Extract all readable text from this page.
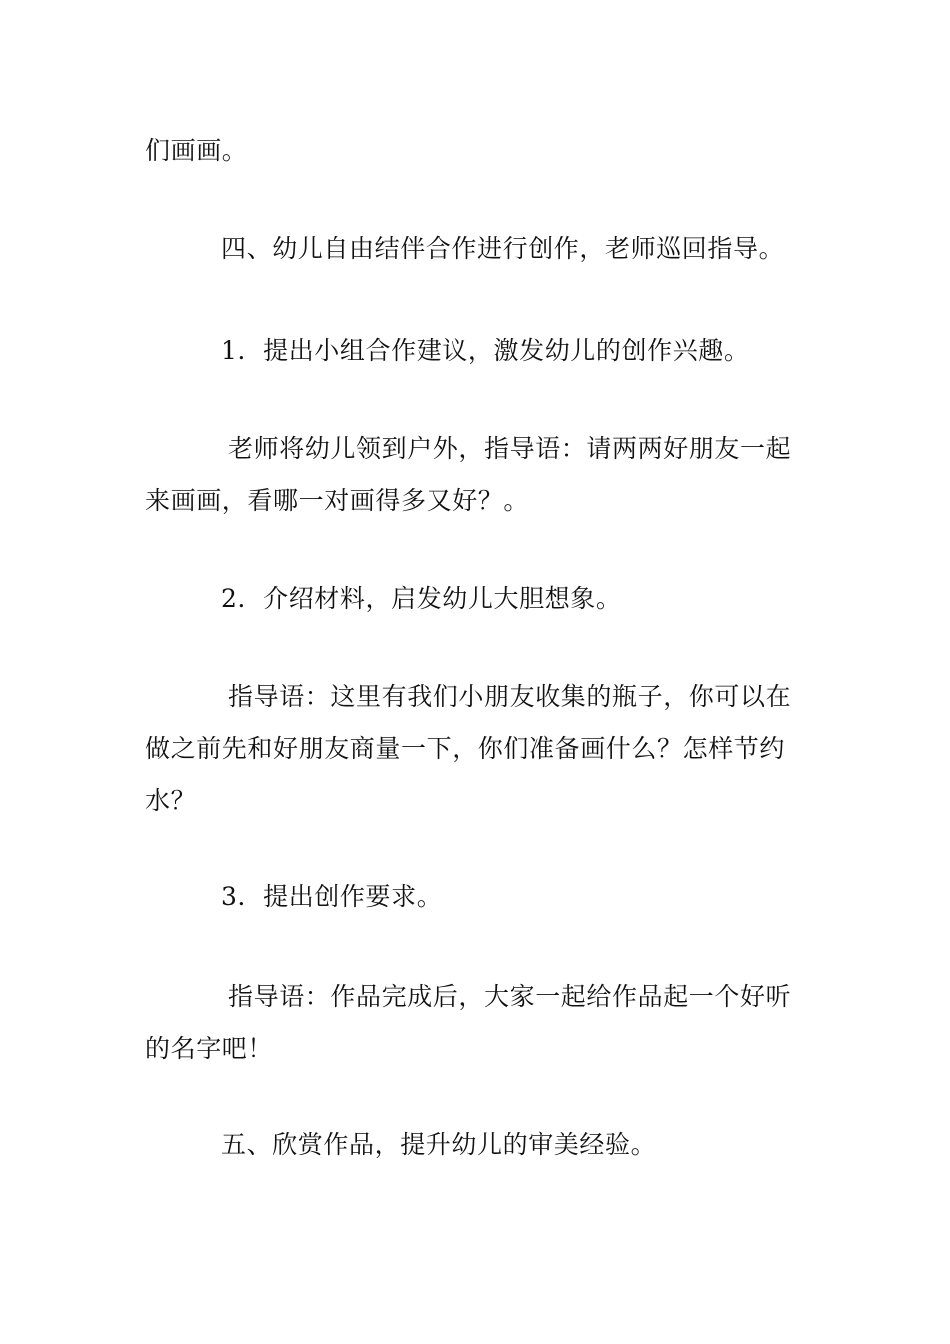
们画画。
四、幼儿自由结伴合作进行创作，老师巡回指导。
1．提出小组合作建议，激发幼儿的创作兴趣。
老师将幼儿领到户外，指导语：请两两好朋友一起
来画画，看哪一对画得多又好？。
2．介绍材料，启发幼儿大胆想象。
指导语：这里有我们小朋友收集的瓶子，你可以在
做之前先和好朋友商量一下，你们准备画什么？怎样节约
水？
3．提出创作要求。
指导语：作品完成后，大家一起给作品起一个好听
的名字吧！
五、欣赏作品，提升幼儿的审美经验。
